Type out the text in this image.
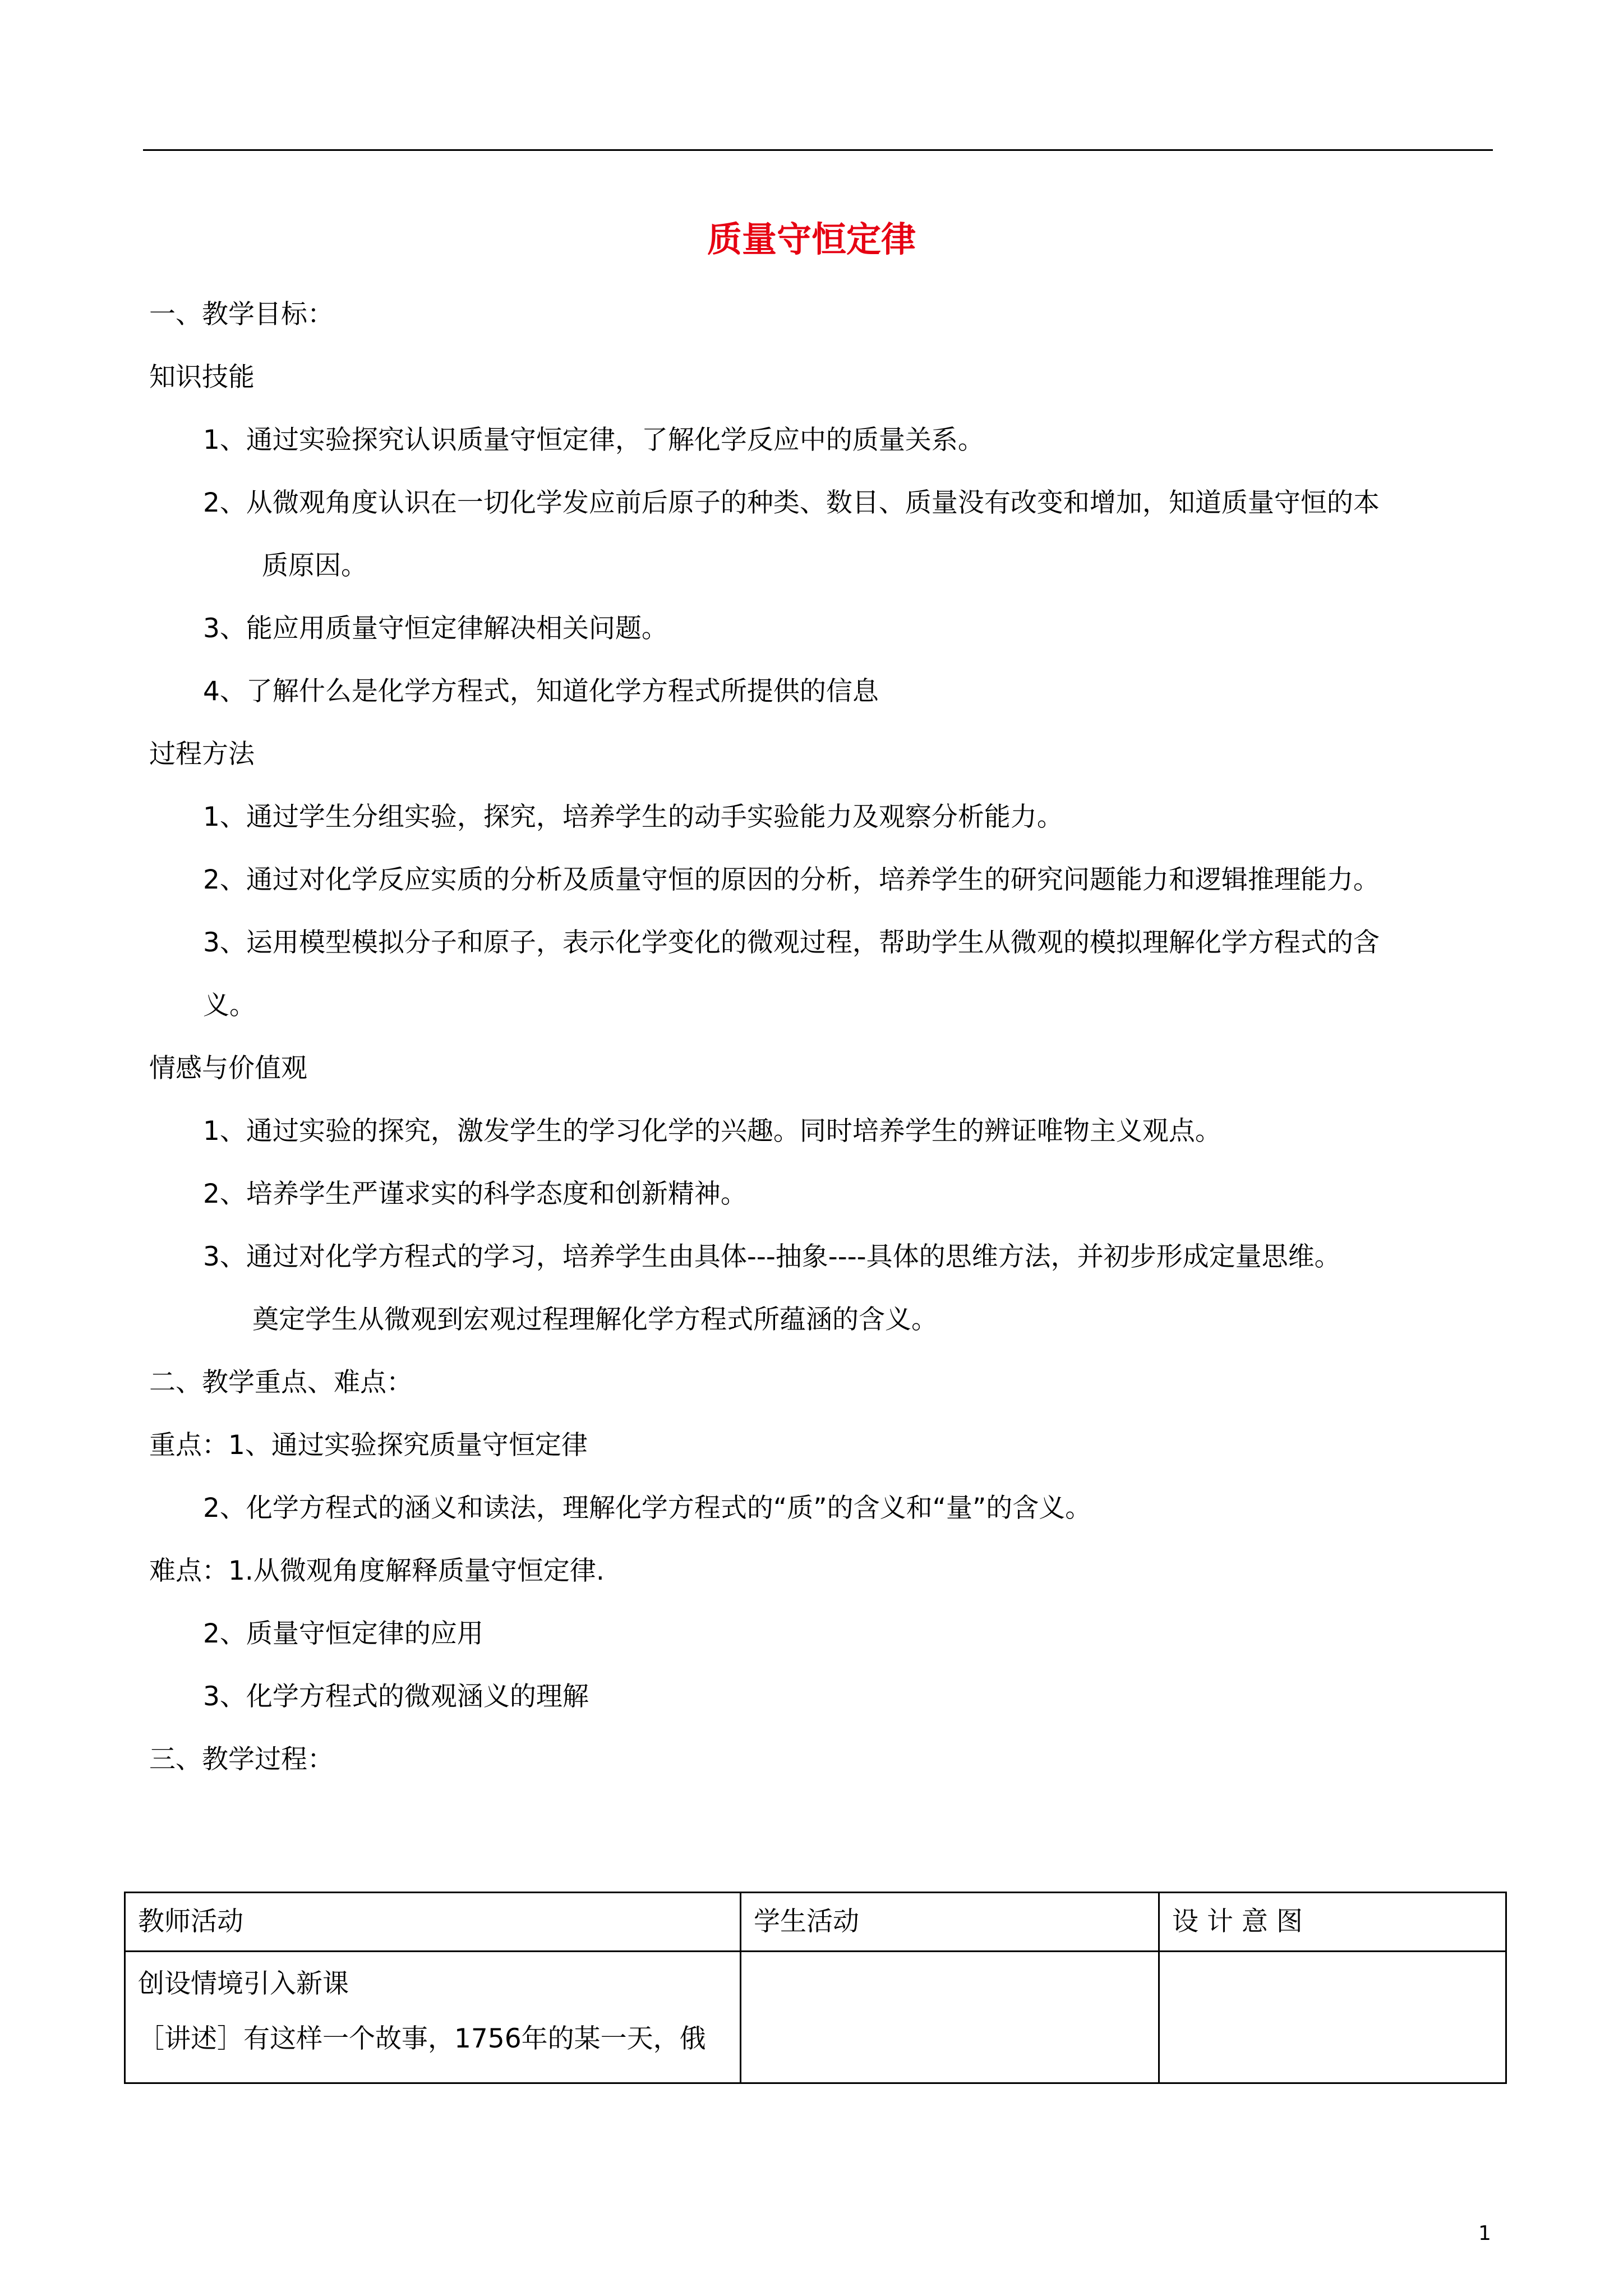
质量守恒定律
一、教学目标：
知识技能
1、通过实验探究认识质量守恒定律，了解化学反应中的质量关系。
2、从微观角度认识在一切化学发应前后原子的种类、数目、质量没有改变和增加，知道质量守恒的本
质原因。
3、能应用质量守恒定律解决相关问题。
4、了解什么是化学方程式，知道化学方程式所提供的信息
过程方法
1、通过学生分组实验，探究，培养学生的动手实验能力及观察分析能力。
2、通过对化学反应实质的分析及质量守恒的原因的分析，培养学生的研究问题能力和逻辑推理能力。
3、运用模型模拟分子和原子，表示化学变化的微观过程，帮助学生从微观的模拟理解化学方程式的含
义。
情感与价值观
1、通过实验的探究，激发学生的学习化学的兴趣。同时培养学生的辨证唯物主义观点。
2、培养学生严谨求实的科学态度和创新精神。
3、通过对化学方程式的学习，培养学生由具体---抽象----具体的思维方法，并初步形成定量思维。
奠定学生从微观到宏观过程理解化学方程式所蕴涵的含义。
二、教学重点、难点：
重点：1、通过实验探究质量守恒定律
2、化学方程式的涵义和读法，理解化学方程式的“质”的含义和“量”的含义。
难点：1.从微观角度解释质量守恒定律.
2、质量守恒定律的应用
3、化学方程式的微观涵义的理解
三、教学过程：
教师活动	学生活动	设 计 意 图

创设情境引入新课
［讲述］有这样一个故事，1756年的某一天，俄		

1
